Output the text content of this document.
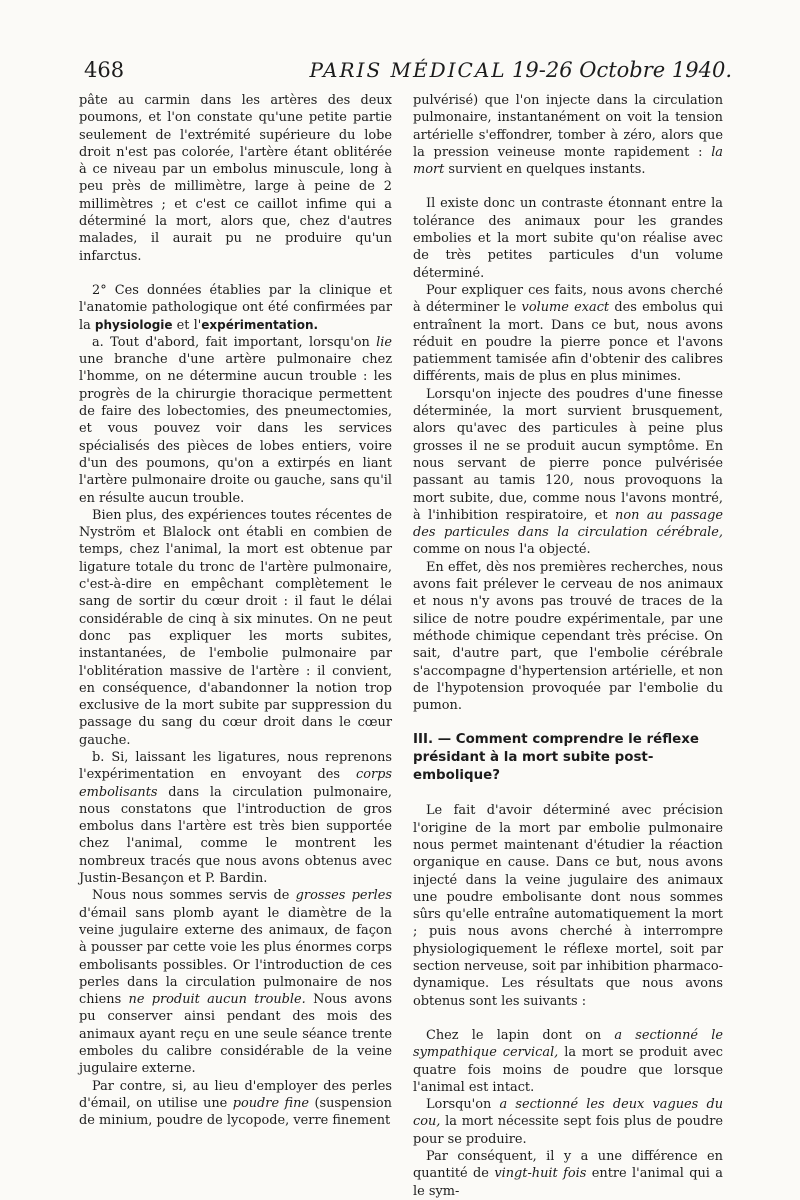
468	PARIS MÉDICAL 19-26 Octobre 1940.

pâte au carmin dans les artères des deux poumons, et l'on constate qu'une petite partie seulement de l'extrémité supérieure du lobe droit n'est pas colorée, l'artère étant oblitérée à ce niveau par un embolus minuscule, long à peu près de millimètre, large à peine de 2 millimètres ; et c'est ce caillot infime qui a déterminé la mort, alors que, chez d'autres malades, il aurait pu ne produire qu'un infarctus.

2° Ces données établies par la clinique et l'anatomie pathologique ont été confirmées par la physiologie et l'expérimentation.

a. Tout d'abord, fait important, lorsqu'on lie une branche d'une artère pulmonaire chez l'homme, on ne détermine aucun trouble : les progrès de la chirurgie thoracique permettent de faire des lobectomies, des pneumectomies, et vous pouvez voir dans les services spécialisés des pièces de lobes entiers, voire d'un des poumons, qu'on a extirpés en liant l'artère pulmonaire droite ou gauche, sans qu'il en résulte aucun trouble.

Bien plus, des expériences toutes récentes de Nyström et Blalock ont établi en combien de temps, chez l'animal, la mort est obtenue par ligature totale du tronc de l'artère pulmonaire, c'est-à-dire en empêchant complètement le sang de sortir du cœur droit : il faut le délai considérable de cinq à six minutes. On ne peut donc pas expliquer les morts subites, instantanées, de l'embolie pulmonaire par l'oblitération massive de l'artère : il convient, en conséquence, d'abandonner la notion trop exclusive de la mort subite par suppression du passage du sang du cœur droit dans le cœur gauche.

b. Si, laissant les ligatures, nous reprenons l'expérimentation en envoyant des corps embolisants dans la circulation pulmonaire, nous constatons que l'introduction de gros embolus dans l'artère est très bien supportée chez l'animal, comme le montrent les nombreux tracés que nous avons obtenus avec Justin-Besançon et P. Bardin.

Nous nous sommes servis de grosses perles d'émail sans plomb ayant le diamètre de la veine jugulaire externe des animaux, de façon à pousser par cette voie les plus énormes corps embolisants possibles. Or l'introduction de ces perles dans la circulation pulmonaire de nos chiens ne produit aucun trouble. Nous avons pu conserver ainsi pendant des mois des animaux ayant reçu en une seule séance trente emboles du calibre considérable de la veine jugulaire externe.

Par contre, si, au lieu d'employer des perles d'émail, on utilise une poudre fine (suspension de minium, poudre de lycopode, verre finement

pulvérisé) que l'on injecte dans la circulation pulmonaire, instantanément on voit la tension artérielle s'effondrer, tomber à zéro, alors que la pression veineuse monte rapidement : la mort survient en quelques instants.

Il existe donc un contraste étonnant entre la tolérance des animaux pour les grandes embolies et la mort subite qu'on réalise avec de très petites particules d'un volume déterminé.

Pour expliquer ces faits, nous avons cherché à déterminer le volume exact des embolus qui entraînent la mort. Dans ce but, nous avons réduit en poudre la pierre ponce et l'avons patiemment tamisée afin d'obtenir des calibres différents, mais de plus en plus minimes.

Lorsqu'on injecte des poudres d'une finesse déterminée, la mort survient brusquement, alors qu'avec des particules à peine plus grosses il ne se produit aucun symptôme. En nous servant de pierre ponce pulvérisée passant au tamis 120, nous provoquons la mort subite, due, comme nous l'avons montré, à l'inhibition respiratoire, et non au passage des particules dans la circulation cérébrale, comme on nous l'a objecté.

En effet, dès nos premières recherches, nous avons fait prélever le cerveau de nos animaux et nous n'y avons pas trouvé de traces de la silice de notre poudre expérimentale, par une méthode chimique cependant très précise. On sait, d'autre part, que l'embolie cérébrale s'accompagne d'hypertension artérielle, et non de l'hypotension provoquée par l'embolie du pumon.

III. — Comment comprendre le réflexe présidant à la mort subite post-embolique?

Le fait d'avoir déterminé avec précision l'origine de la mort par embolie pulmonaire nous permet maintenant d'étudier la réaction organique en cause. Dans ce but, nous avons injecté dans la veine jugulaire des animaux une poudre embolisante dont nous sommes sûrs qu'elle entraîne automatiquement la mort ; puis nous avons cherché à interrompre physiologiquement le réflexe mortel, soit par section nerveuse, soit par inhibition pharmaco-dynamique. Les résultats que nous avons obtenus sont les suivants :

Chez le lapin dont on a sectionné le sympathique cervical, la mort se produit avec quatre fois moins de poudre que lorsque l'animal est intact.

Lorsqu'on a sectionné les deux vagues du cou, la mort nécessite sept fois plus de poudre pour se produire.

Par conséquent, il y a une différence en quantité de vingt-huit fois entre l'animal qui a le sym-
